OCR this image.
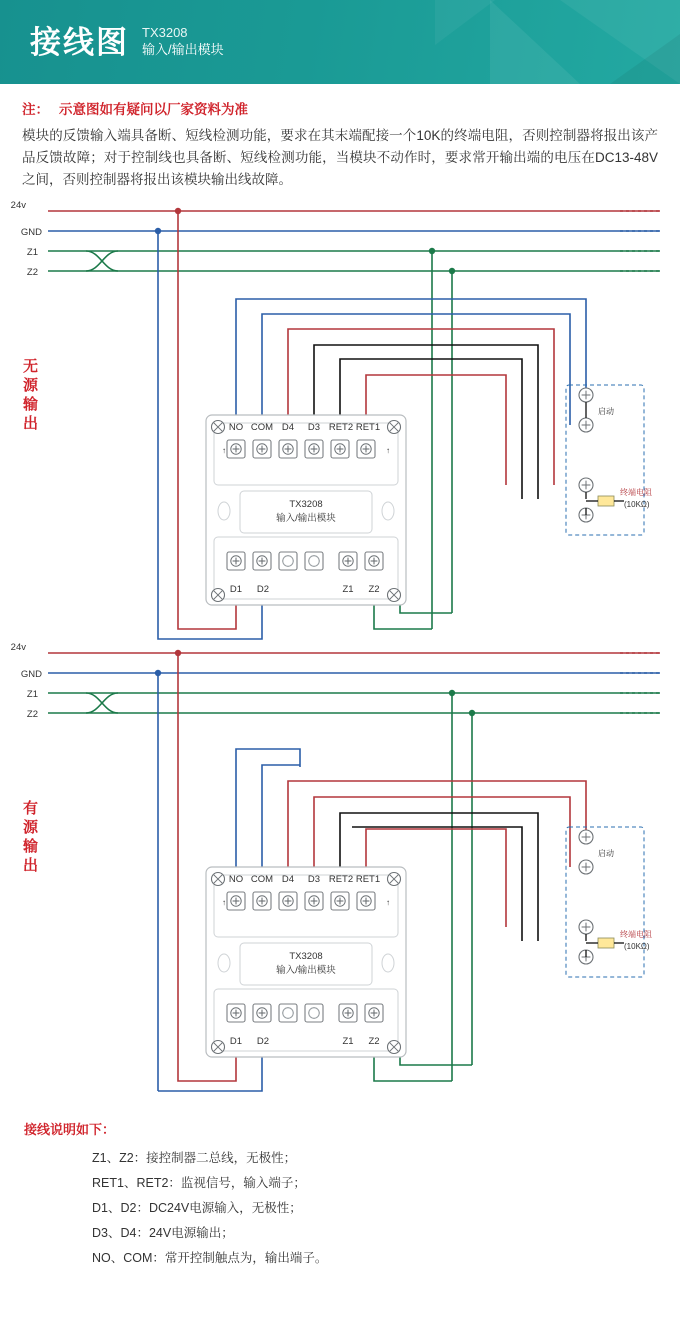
接线图 TX3208
输入/输出模块
注： 示意图如有疑问以厂家资料为准
模块的反馈输入端具备断、短线检测功能，要求在其末端配接一个10K的终端电阻，否则控制器将报出该产品反馈故障；对于控制线也具备断、短线检测功能，当模块不动作时，要求常开输出端的电压在DC13-48V之间，否则控制器将报出该模块输出线故障。
无源输出
有源输出
24v
GND
Z1
Z2
NO COM D4 D3 RET2 RET1
↑	↑
TX3208
输入/输出模块
D1 D2	Z1 Z2
启动
终端电阻
(10KΩ)
24v
GND
Z1
Z2
NO COM D4 D3 RET2 RET1
↑	↑
TX3208
输入/输出模块
D1 D2	Z1 Z2
启动
终端电阻
(10KΩ)
接线说明如下：
Z1、Z2：接控制器二总线，无极性；
RET1、RET2：监视信号，输入端子；
D1、D2：DC24V电源输入，无极性；
D3、D4：24V电源输出；
NO、COM：常开控制触点为，输出端子。
